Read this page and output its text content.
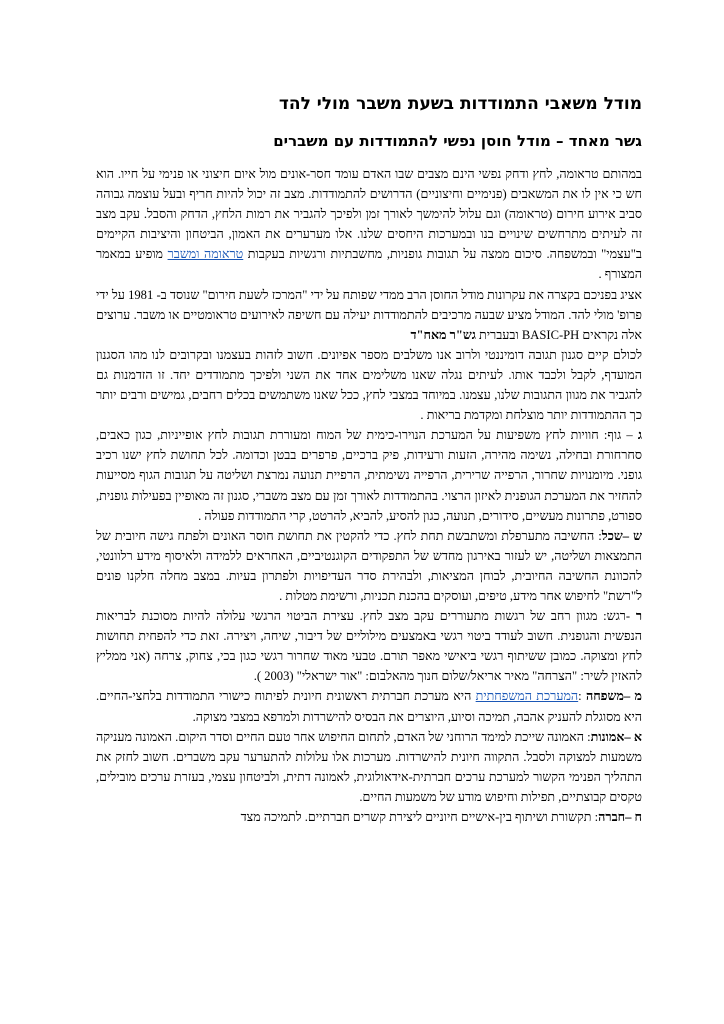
מודל משאבי התמודדות בשעת משבר מולי להד
גשר מאחד – מודל חוסן נפשי להתמודדות עם משברים

במהותם טראומה, לחץ ודחק נפשי הינם מצבים שבו האדם עומד חסר-אונים מול איום חיצוני או פנימי על חייו. הוא חש כי אין לו את המשאבים (פנימיים וחיצוניים) הדרושים להתמודדות. מצב זה יכול להיות חריף ובעל עוצמה גבוהה סביב אירוע חירום (טראומה) וגם עלול להימשך לאורך זמן ולפיכך להגביר את רמות הלחץ, הדחק והסבל. עקב מצב זה לעיתים מתרחשים שינויים בנו ובמערכות היחסים שלנו. אלו מערערים את האמון, הביטחון והיציבות הקיימים ב"עצמי" ובמשפחה. סיכום ממצה על תגובות גופניות, מחשבתיות ורגשיות בעקבות טראומה ומשבר מופיע במאמר המצורף .

אציג בפניכם בקצרה את עקרונות מודל החוסן הרב ממדי שפותח על ידי "המרכז לשעת חירום" שנוסד ב- 1981 על ידי פרופ' מולי להד. המודל מציע שבעה מרכיבים להתמודדות יעילה עם חשיפה לאירועים טראומטיים או משבר. ערוצים אלה נקראים BASIC-PH ובעברית גש"ר מאח"ד

לכולם קיים סגנון תגובה דומיננטי ולרוב אנו משלבים מספר אפיונים. חשוב לזהות בעצמנו ובקרובים לנו מהו הסגנון המועדף, לקבל ולכבד אותו. לעיתים נגלה שאנו משלימים אחד את השני ולפיכך מתמודדים יחד. זו הזדמנות גם להגביר את מגוון התגובות שלנו, עצמנו. במיוחד במצבי לחץ, ככל שאנו משתמשים בכלים רחבים, גמישים ורבים יותר כך ההתמודדות יותר מוצלחת ומקדמת בריאות .

ג – גוף: חוויות לחץ משפיעות על המערכת הנוירו-כימית של המוח ומעוררת תגובות לחץ אופייניות, כגון כאבים, סחרחורת ובחילה, נשימה מהירה, הזעות ורעידות, פיק ברכיים, פרפרים בבטן וכדומה. לכל תחושת לחץ ישנו רכיב גופני. מיומנויות שחרור, הרפייה שרירית, הרפייה נשימתית, הרפיית תנועה נמרצת ושליטה על תגובות הגוף מסייעות להחזיר את המערכת הגופנית לאיזון הרצוי. בהתמודדות לאורך זמן עם מצב משברי, סגנון זה מאופיין בפעילות גופנית, ספורט, פתרונות מעשיים, סידורים, תנועה, כגון להסיע, להביא, להרטט, קרי התמודדות פעולה .

ש –שכל: החשיבה מתערפלת ומשתבשת תחת לחץ. כדי להקטין את תחושת חוסר האונים ולפתח גישה חיובית של התמצאות ושליטה, יש לעזור באירגון מחדש של התפקודים הקוגנטיביים, האחראים ללמידה ולאיסוף מידע רלוונטי, להכוונת החשיבה החיובית, לבוחן המציאות, ולבהירת סדר העדיפויות ולפתרון בעיות. במצב מחלה חלקנו פונים ל"רשת" לחיפוש אחר מידע, טיפים, ועוסקים בהכנת תכניות, ורשימת מטלות .

ר -רגש: מגוון רחב של רגשות מתעוררים עקב מצב לחץ. עצירת הביטוי הרגשי עלולה להיות מסוכנת לבריאות הנפשית והגופנית. חשוב לעודד ביטוי רגשי באמצעים מילוליים של דיבור, שיחה, ויצירה. זאת כדי להפחית תחושות לחץ ומצוקה. כמובן ששיתוף רגשי ביאישי מאפר תורם. טבעי מאוד שחרור רגשי כגון בכי, צחוק, צרחה (אני ממליץ להאזין לשיר: "הצרחה" מאיר אריאל/שלום חנוך מהאלבום: "אור ישראלי" (2003 ).

מ –משפחה :המערכת המשפחתית היא מערכת חברתית ראשונית חיונית לפיתוח כישורי התמודדות בלחצי-החיים. היא מסוגלת להעניק אהבה, תמיכה וסיוע, היוצרים את הבסיס להישרדות ולמרפא במצבי מצוקה.

א –אמונות: האמונה שייכת למימד הרוחני של האדם, לתחום החיפוש אחר טעם החיים וסדר היקום. האמונה מעניקה משמעות למצוקה ולסבל. התקווה חיונית להישרדות. מערכות אלו עלולות להתערער עקב משברים. חשוב לחזק את התהליך הפנימי הקשור למערכת ערכים חברתית-אידאולוגית, לאמונה דתית, ולביטחון עצמי, בעזרת ערכים מובילים, טקסים קבוצתיים, תפילות וחיפוש מודע של משמעות החיים.

ח –חברה: תקשורת ושיתוף בין-אישיים חיוניים ליצירת קשרים חברתיים. לתמיכה מצד
